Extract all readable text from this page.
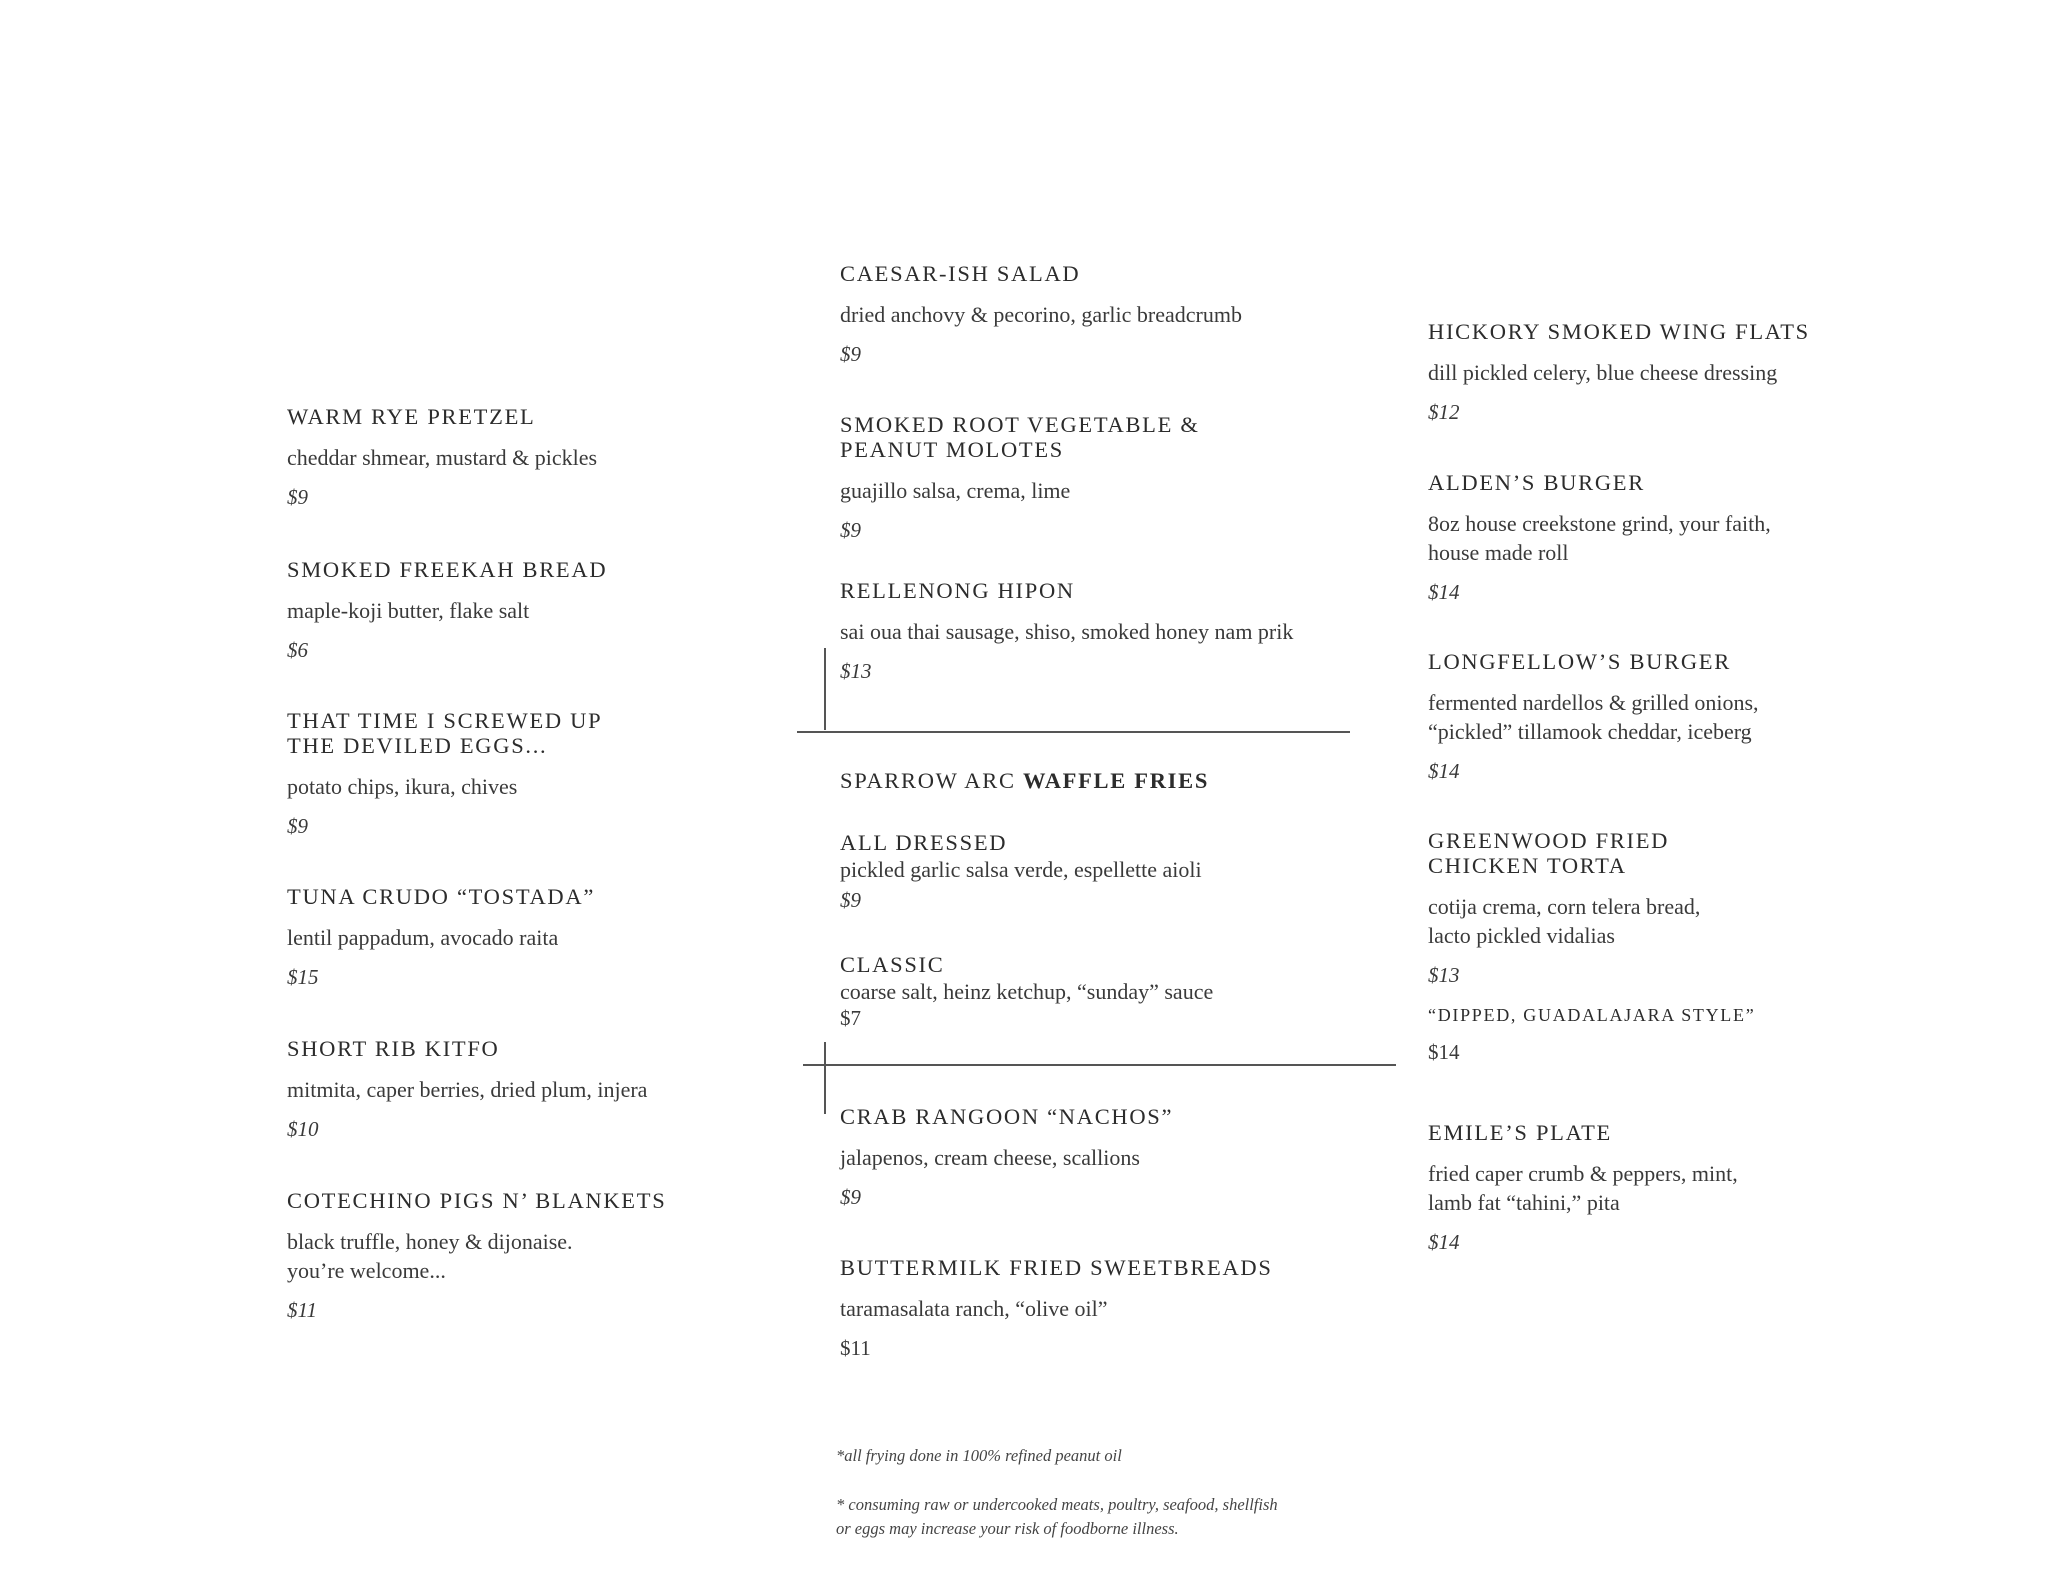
WARM RYE PRETZEL

cheddar shmear, mustard & pickles

$9

SMOKED FREEKAH BREAD

maple-koji butter, flake salt

$6

THAT TIME I SCREWED UP

THE DEVILED EGGS...

potato chips, ikura, chives

$9

TUNA CRUDO “TOSTADA”

lentil pappadum, avocado raita

$15

SHORT RIB KITFO

mitmita, caper berries, dried plum, injera

$10

COTECHINO PIGS N’ BLANKETS

black truffle, honey & dijonaise.

you’re welcome...

$11

CAESAR-ISH SALAD

dried anchovy & pecorino, garlic breadcrumb

$9

SMOKED ROOT VEGETABLE &

PEANUT MOLOTES

guajillo salsa, crema, lime

$9

RELLENONG HIPON

sai oua thai sausage, shiso, smoked honey nam prik

$13

SPARROW ARC WAFFLE FRIES

ALL DRESSED

pickled garlic salsa verde, espellette aioli

$9

CLASSIC

coarse salt, heinz ketchup, “sunday” sauce

$7

CRAB RANGOON “NACHOS”

jalapenos, cream cheese, scallions

$9

BUTTERMILK FRIED SWEETBREADS

taramasalata ranch, “olive oil”

$11

*all frying done in 100% refined peanut oil
* consuming raw or undercooked meats, poultry, seafood, shellfish
or eggs may increase your risk of foodborne illness.

HICKORY SMOKED WING FLATS

dill pickled celery, blue cheese dressing

$12

ALDEN’S BURGER

8oz house creekstone grind, your faith,

house made roll

$14

LONGFELLOW’S BURGER

fermented nardellos & grilled onions,

“pickled” tillamook cheddar, iceberg

$14

GREENWOOD FRIED

CHICKEN TORTA

cotija crema, corn telera bread,

lacto pickled vidalias

$13

“DIPPED, GUADALAJARA STYLE”

$14

EMILE’S PLATE

fried caper crumb & peppers, mint,

lamb fat “tahini,” pita

$14
